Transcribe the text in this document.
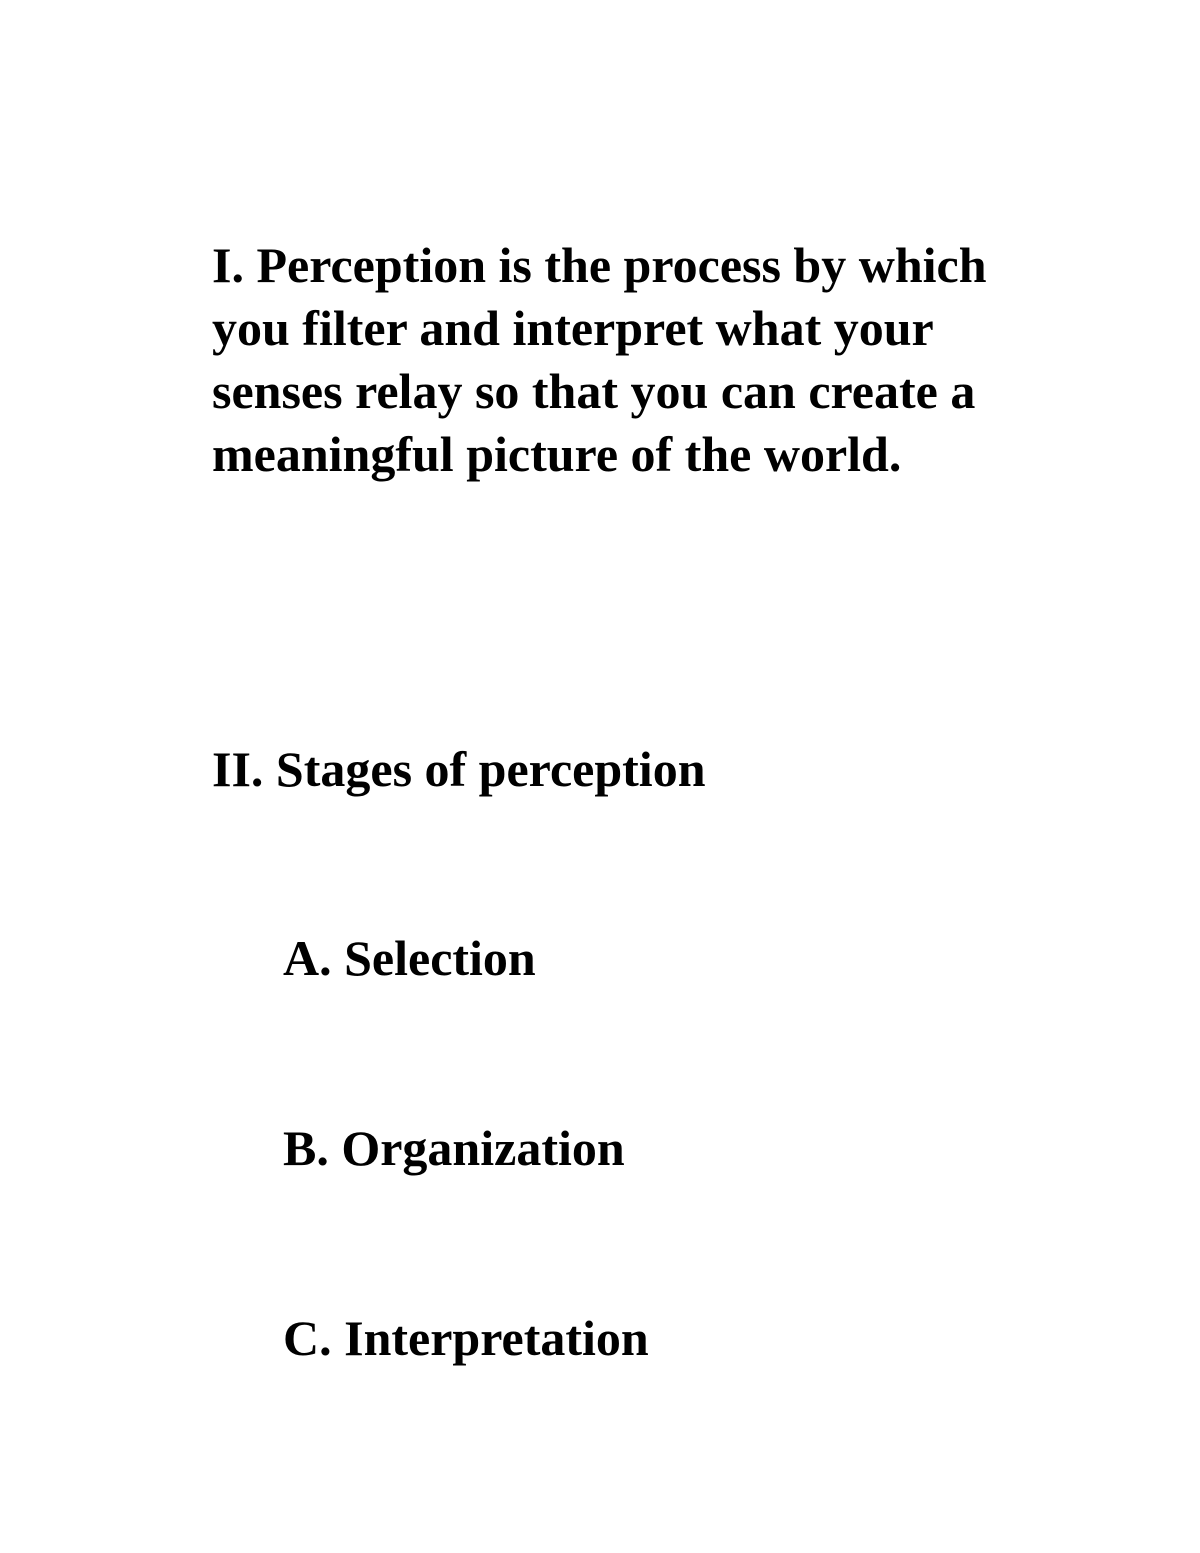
I. Perception is the process by which you filter and interpret what your senses relay so that you can create a meaningful picture of the world.

II. Stages of perception

A. Selection

B. Organization

C. Interpretation
